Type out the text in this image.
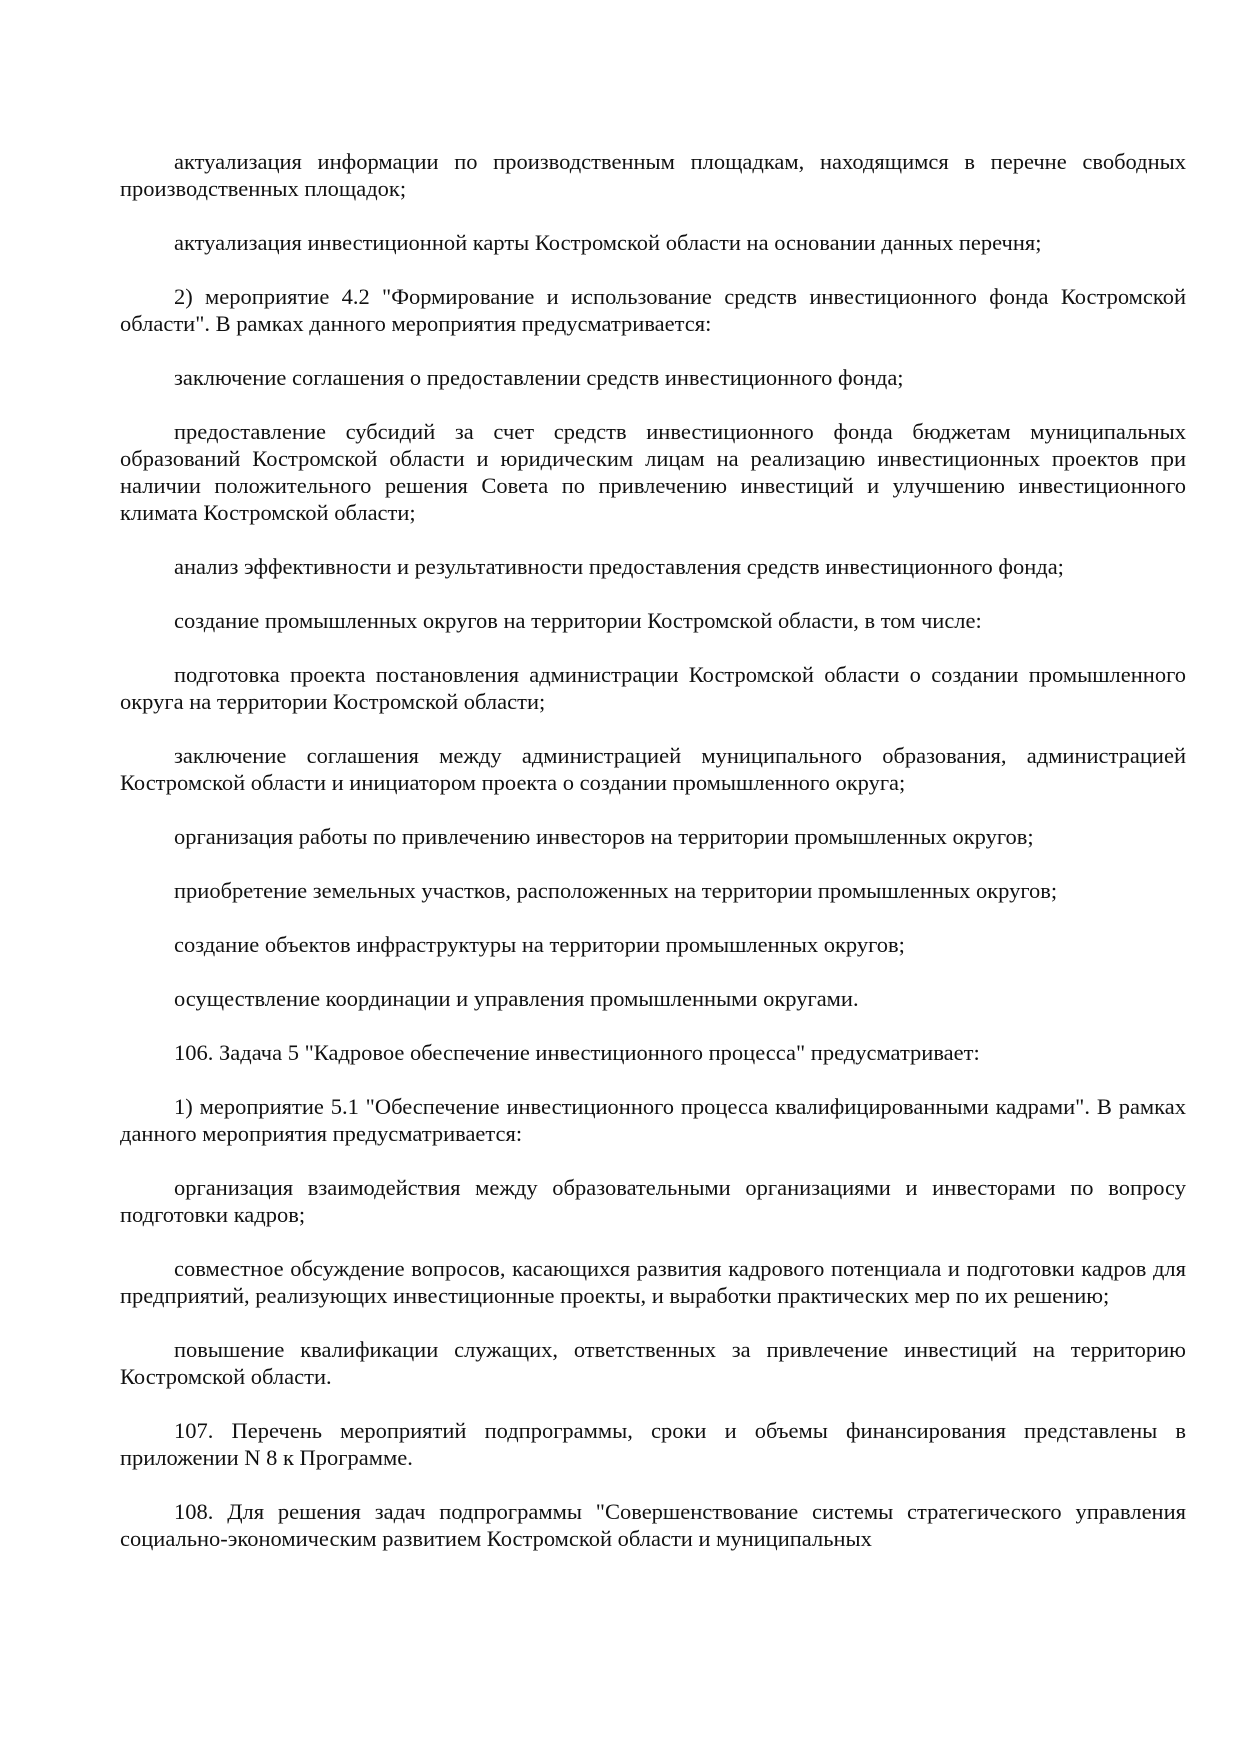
актуализация информации по производственным площадкам, находящимся в перечне свободных производственных площадок;

актуализация инвестиционной карты Костромской области на основании данных перечня;

2) мероприятие 4.2 "Формирование и использование средств инвестиционного фонда Костромской области". В рамках данного мероприятия предусматривается:

заключение соглашения о предоставлении средств инвестиционного фонда;

предоставление субсидий за счет средств инвестиционного фонда бюджетам муниципальных образований Костромской области и юридическим лицам на реализацию инвестиционных проектов при наличии положительного решения Совета по привлечению инвестиций и улучшению инвестиционного климата Костромской области;

анализ эффективности и результативности предоставления средств инвестиционного фонда;

создание промышленных округов на территории Костромской области, в том числе:

подготовка проекта постановления администрации Костромской области о создании промышленного округа на территории Костромской области;

заключение соглашения между администрацией муниципального образования, администрацией Костромской области и инициатором проекта о создании промышленного округа;

организация работы по привлечению инвесторов на территории промышленных округов;

приобретение земельных участков, расположенных на территории промышленных округов;

создание объектов инфраструктуры на территории промышленных округов;

осуществление координации и управления промышленными округами.

106. Задача 5 "Кадровое обеспечение инвестиционного процесса" предусматривает:

1) мероприятие 5.1 "Обеспечение инвестиционного процесса квалифицированными кадрами". В рамках данного мероприятия предусматривается:

организация взаимодействия между образовательными организациями и инвесторами по вопросу подготовки кадров;

совместное обсуждение вопросов, касающихся развития кадрового потенциала и подготовки кадров для предприятий, реализующих инвестиционные проекты, и выработки практических мер по их решению;

повышение квалификации служащих, ответственных за привлечение инвестиций на территорию Костромской области.

107. Перечень мероприятий подпрограммы, сроки и объемы финансирования представлены в приложении N 8 к Программе.

108. Для решения задач подпрограммы "Совершенствование системы стратегического управления социально-экономическим развитием Костромской области и муниципальных
